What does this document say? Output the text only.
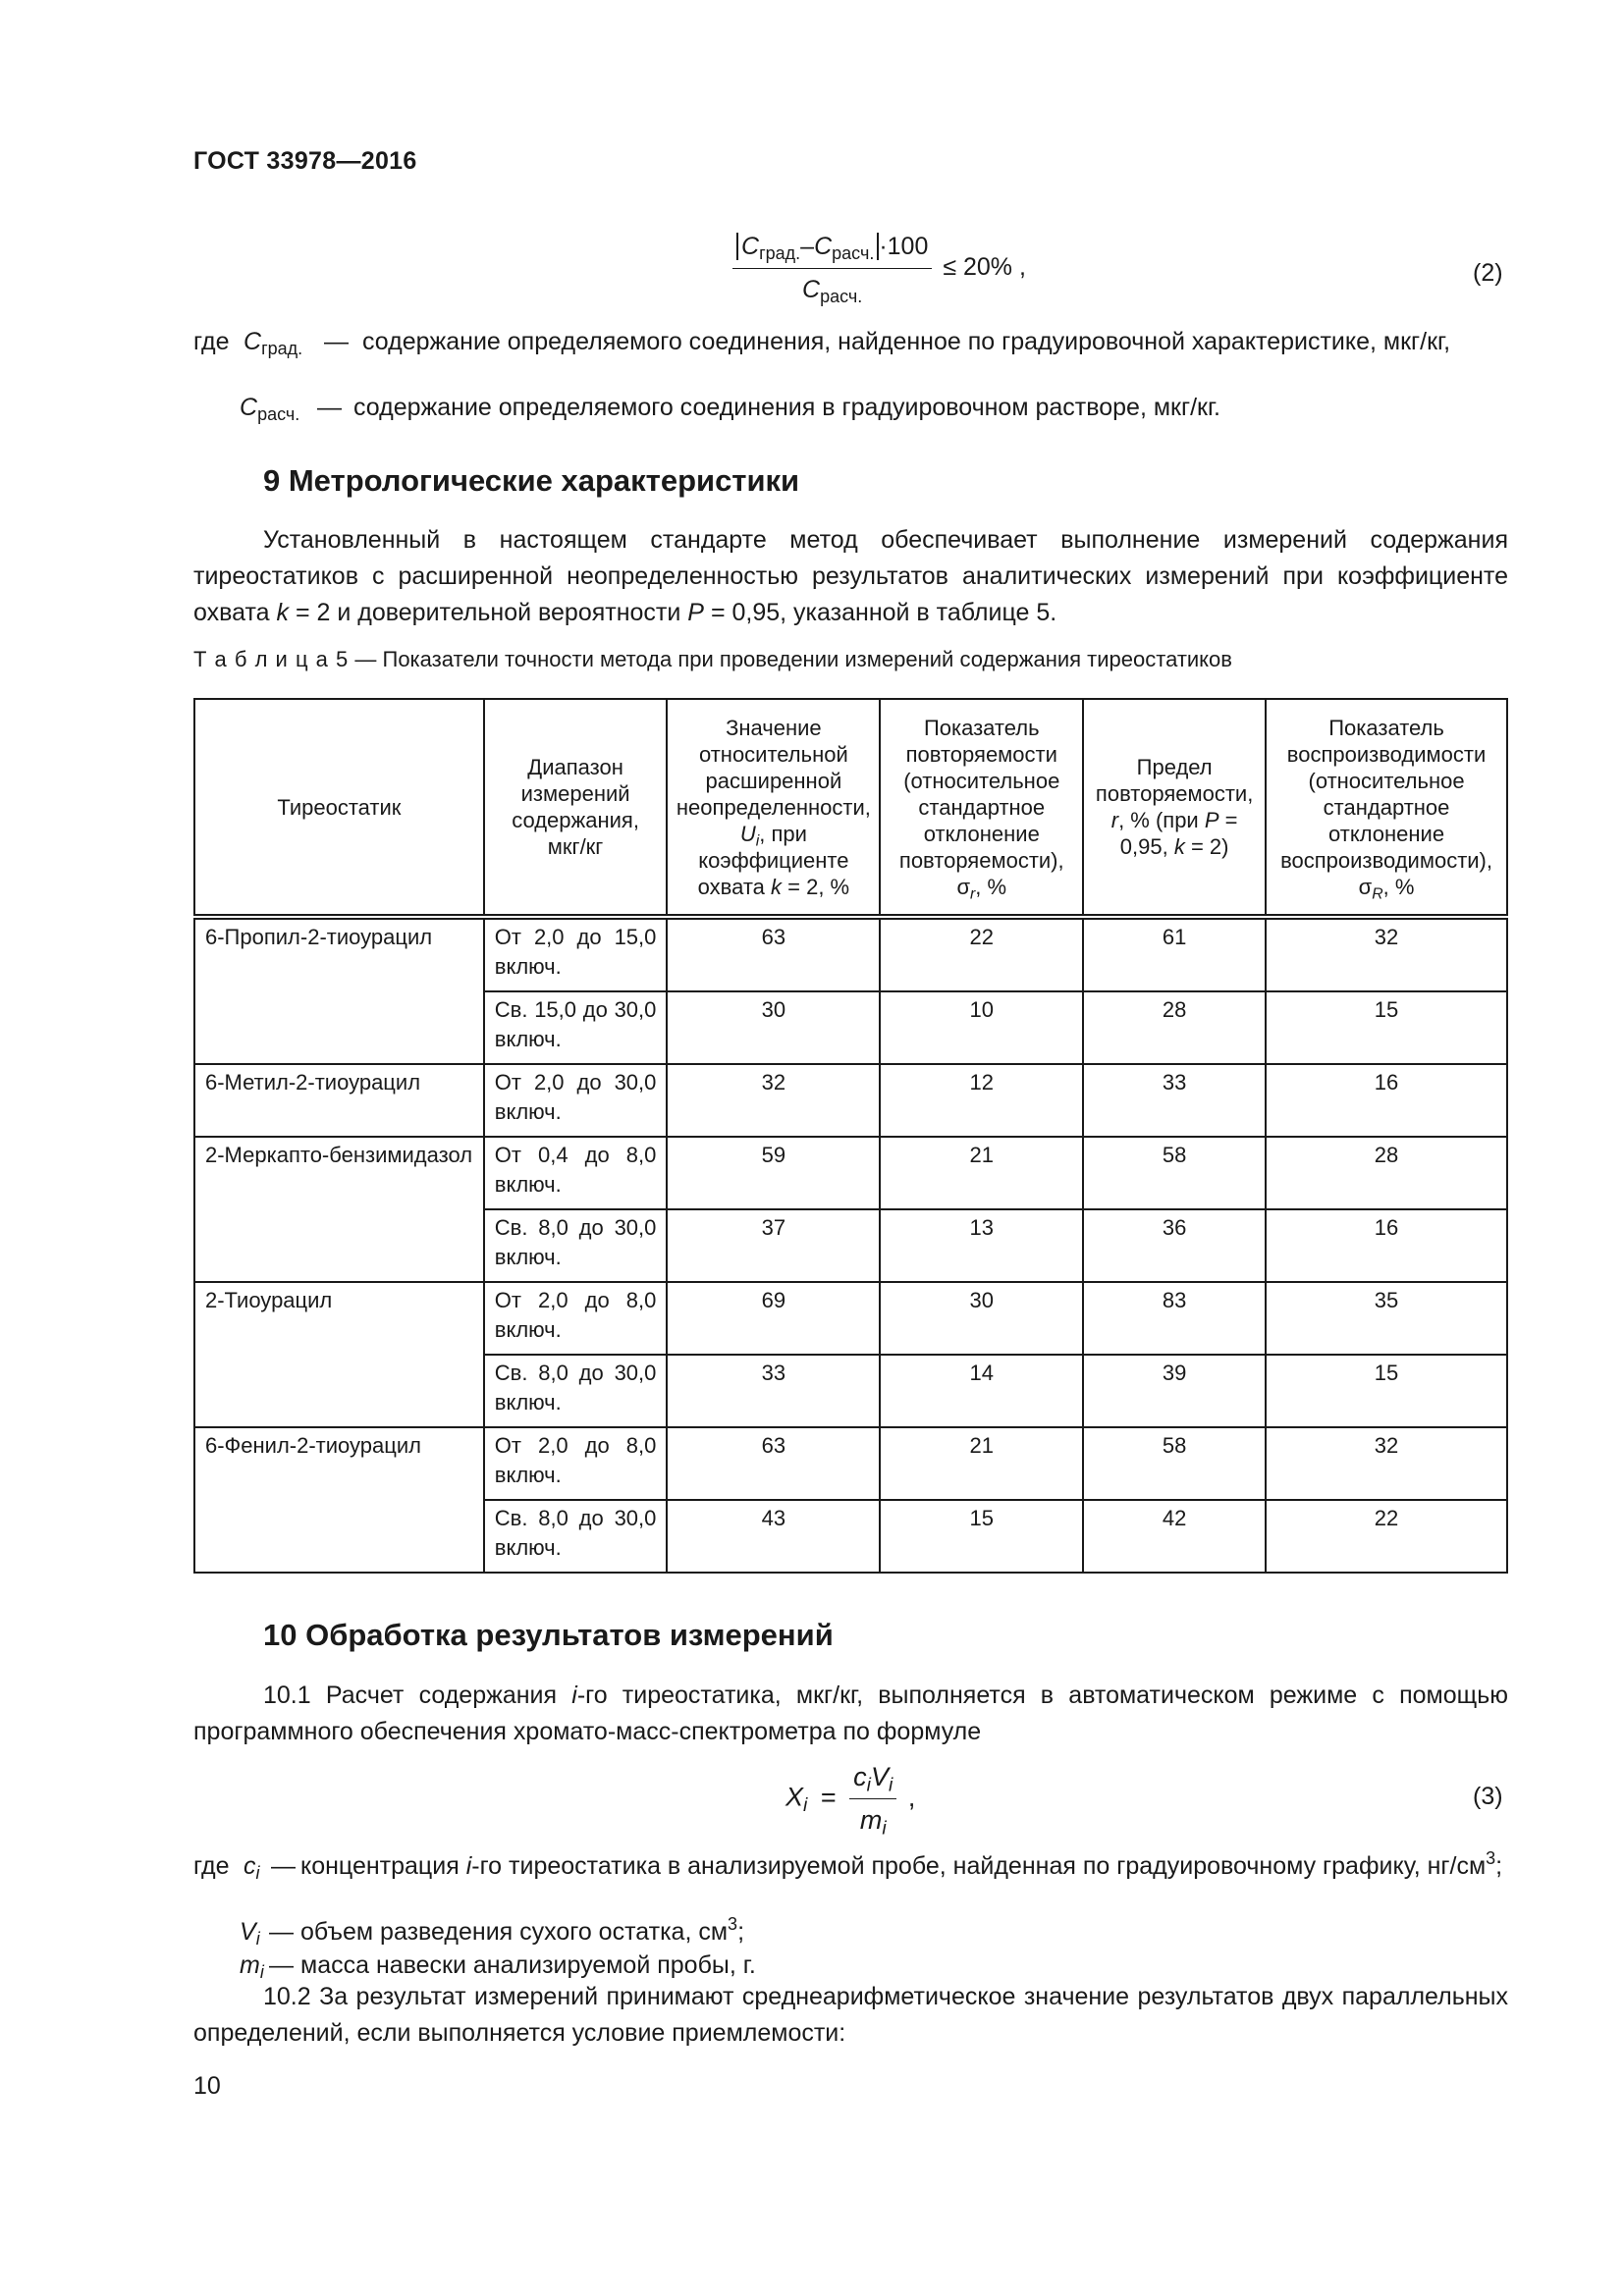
ГОСТ 33978—2016
$\frac{C_{град.}-C_{расч.} \cdot 100}{C_{расч.}} \le 20\%$ ,	(2)
где $C_{град.}$ — содержание определяемого соединения, найденное по градуировочной характеристике, мкг/кг,
$C_{расч.}$ — содержание определяемого соединения в градуировочном растворе, мкг/кг.
9 Метрологические характеристики
Установленный в настоящем стандарте метод обеспечивает выполнение измерений содержания тиреостатиков с расширенной неопределенностью результатов аналитических измерений при коэффициенте охвата k = 2 и доверительной вероятности P = 0,95, указанной в таблице 5.
Т а б л и ц а 5 — Показатели точности метода при проведении измерений содержания тиреостатиков
Тиреостатик	Диапазон измерений содержания, мкг/кг	Значение относительной расширенной неопределенности, $U_i$, при коэффициенте охвата k = 2, %	Показатель повторяемости (относительное стандартное отклонение повторяемости), $\sigma_r$, %	Предел повторяемости, r, % (при P = 0,95, k = 2)	Показатель воспроизводимости (относительное стандартное отклонение воспроизводимости), $\sigma_R$, %
6-Пропил-2-тиоурацил	От 2,0 до 15,0 включ.	63	22	61	32

	Св. 15,0 до 30,0 включ.	30	10	28	15
6-Метил-2-тиоурацил	От 2,0 до 30,0 включ.	32	12	33	16

2-Меркапто-бензимидазол	От 0,4 до 8,0 включ.	59	21	58	28

	Св. 8,0 до 30,0 включ.	37	13	36	16
2-Тиоурацил	От 2,0 до 8,0 включ.	69	30	83	35

	Св. 8,0 до 30,0 включ.	33	14	39	15
6-Фенил-2-тиоурацил	От 2,0 до 8,0 включ.	63	21	58	32

	Св. 8,0 до 30,0 включ.	43	15	42	22
10 Обработка результатов измерений
10.1 Расчет содержания i-го тиреостатика, мкг/кг, выполняется в автоматическом режиме с помощью программного обеспечения хромато-масс-спектрометра по формуле
$X_i = \frac{c_iV_i}{m_i}$ ,	(3)
где $c_i$ — концентрация i-го тиреостатика в анализируемой пробе, найденная по градуировочному графику, $нг/см^3$;
$V_i$ — объем разведения сухого остатка, $см^3$;
$m_i$ — масса навески анализируемой пробы, г.
10.2 За результат измерений принимают среднеарифметическое значение результатов двух параллельных определений, если выполняется условие приемлемости:
10
